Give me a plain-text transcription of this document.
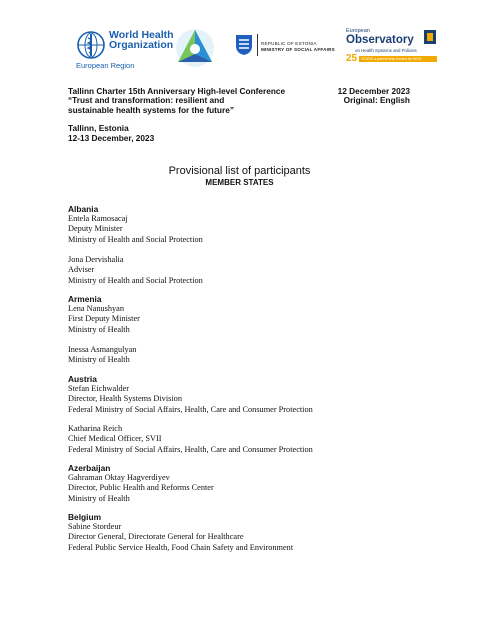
World Health Organization
European Region
REPUBLIC OF ESTONIA
MINISTRY OF SOCIAL AFFAIRS
European
Observatory
on Health Systems and Policies
25	YEARS a partnership hosted by WHO
Tallinn Charter 15th Anniversary High-level Conference
“Trust and transformation: resilient and
sustainable health systems for the future”
12 December 2023
Original: English
Tallinn, Estonia
12-13 December, 2023
Provisional list of participants
MEMBER STATES
Albania
Entela Ramosacaj
Deputy Minister
Ministry of Health and Social Protection
Jona Dervishalia
Adviser
Ministry of Health and Social Protection
Armenia
Lena Nanushyan
First Deputy Minister
Ministry of Health
Inessa Asmangulyan
Ministry of Health
Austria
Stefan Eichwalder
Director, Health Systems Division
Federal Ministry of Social Affairs, Health, Care and Consumer Protection
Katharina Reich
Chief Medical Officer, SVII
Federal Ministry of Social Affairs, Health, Care and Consumer Protection
Azerbaijan
Gahraman Oktay Hagverdiyev
Director, Public Health and Reforms Center
Ministry of Health
Belgium
Sabine Stordeur
Director General, Directorate General for Healthcare
Federal Public Service Health, Food Chain Safety and Environment
